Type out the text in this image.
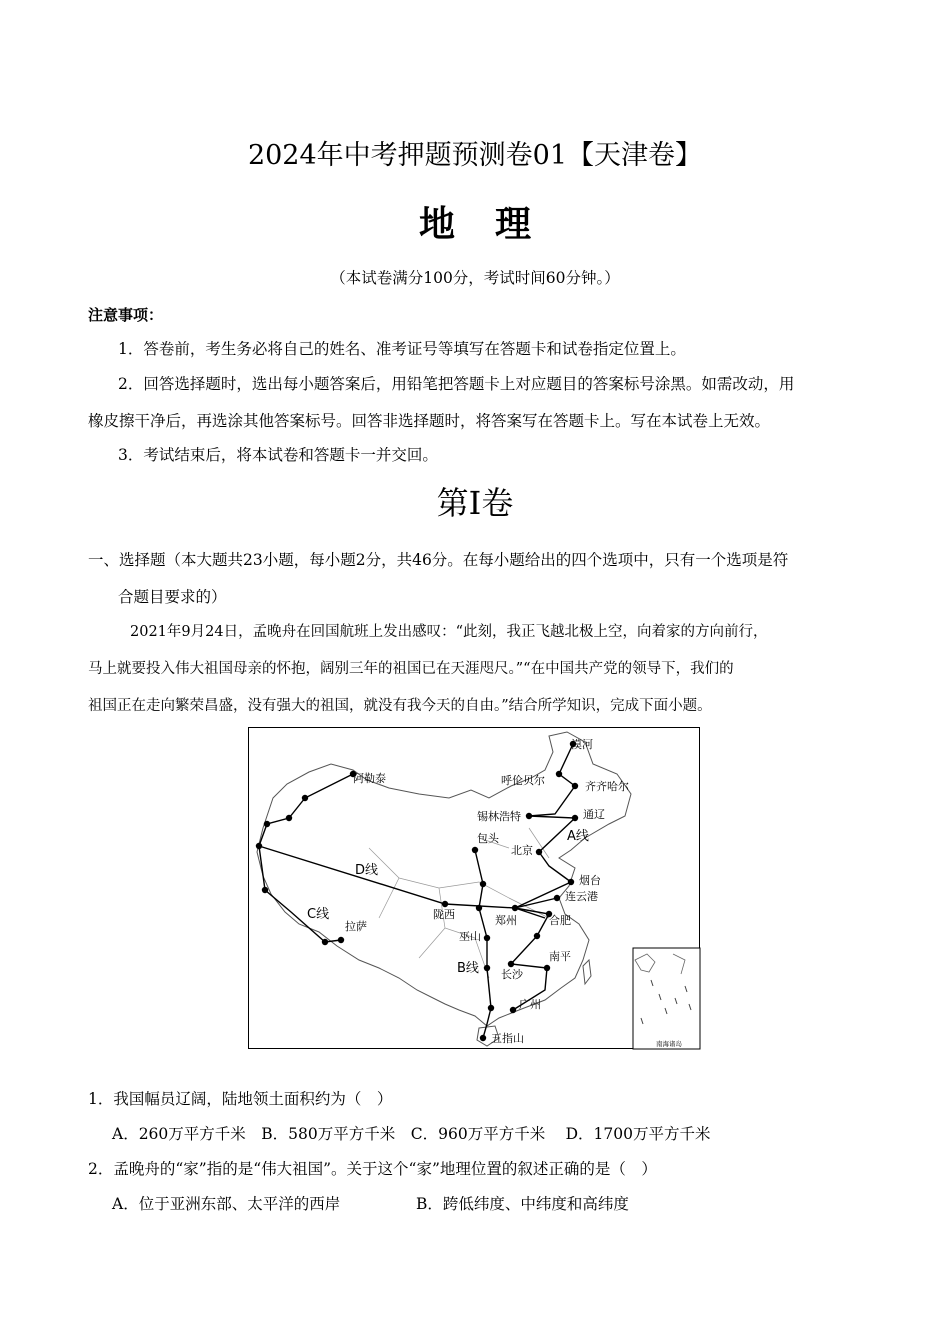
2024年中考押题预测卷01【天津卷】
地理
（本试卷满分100分，考试时间60分钟。）
注意事项：
1．答卷前，考生务必将自己的姓名、准考证号等填写在答题卡和试卷指定位置上。
2．回答选择题时，选出每小题答案后，用铅笔把答题卡上对应题目的答案标号涂黑。如需改动，用
橡皮擦干净后，再选涂其他答案标号。回答非选择题时，将答案写在答题卡上。写在本试卷上无效。
3．考试结束后，将本试卷和答题卡一并交回。
第Ⅰ卷
一、选择题（本大题共23小题，每小题2分，共46分。在每小题给出的四个选项中，只有一个选项是符
合题目要求的）
2021年9月24日，孟晚舟在回国航班上发出感叹：“此刻，我正飞越北极上空，向着家的方向前行，
马上就要投入伟大祖国母亲的怀抱，阔别三年的祖国已在天涯咫尺。”“在中国共产党的领导下，我们的
祖国正在走向繁荣昌盛，没有强大的祖国，就没有我今天的自由。”结合所学知识，完成下面小题。
南海诸岛
漠河
呼伦贝尔	齐齐哈尔
锡林浩特	通辽
北京
烟台
连云港
合肥
郑州
陇西
包头
巫山
长沙
南平
广州
五指山
阿勒泰
拉萨
A线
B线
C线
D线
1．我国幅员辽阔，陆地领土面积约为（　）
A．260万平方千米　B．580万平方千米　C．960万平方千米　 D．1700万平方千米
2．孟晚舟的“家”指的是“伟大祖国”。关于这个“家”地理位置的叙述正确的是（　）
A．位于亚洲东部、太平洋的西岸	B．跨低纬度、中纬度和高纬度
